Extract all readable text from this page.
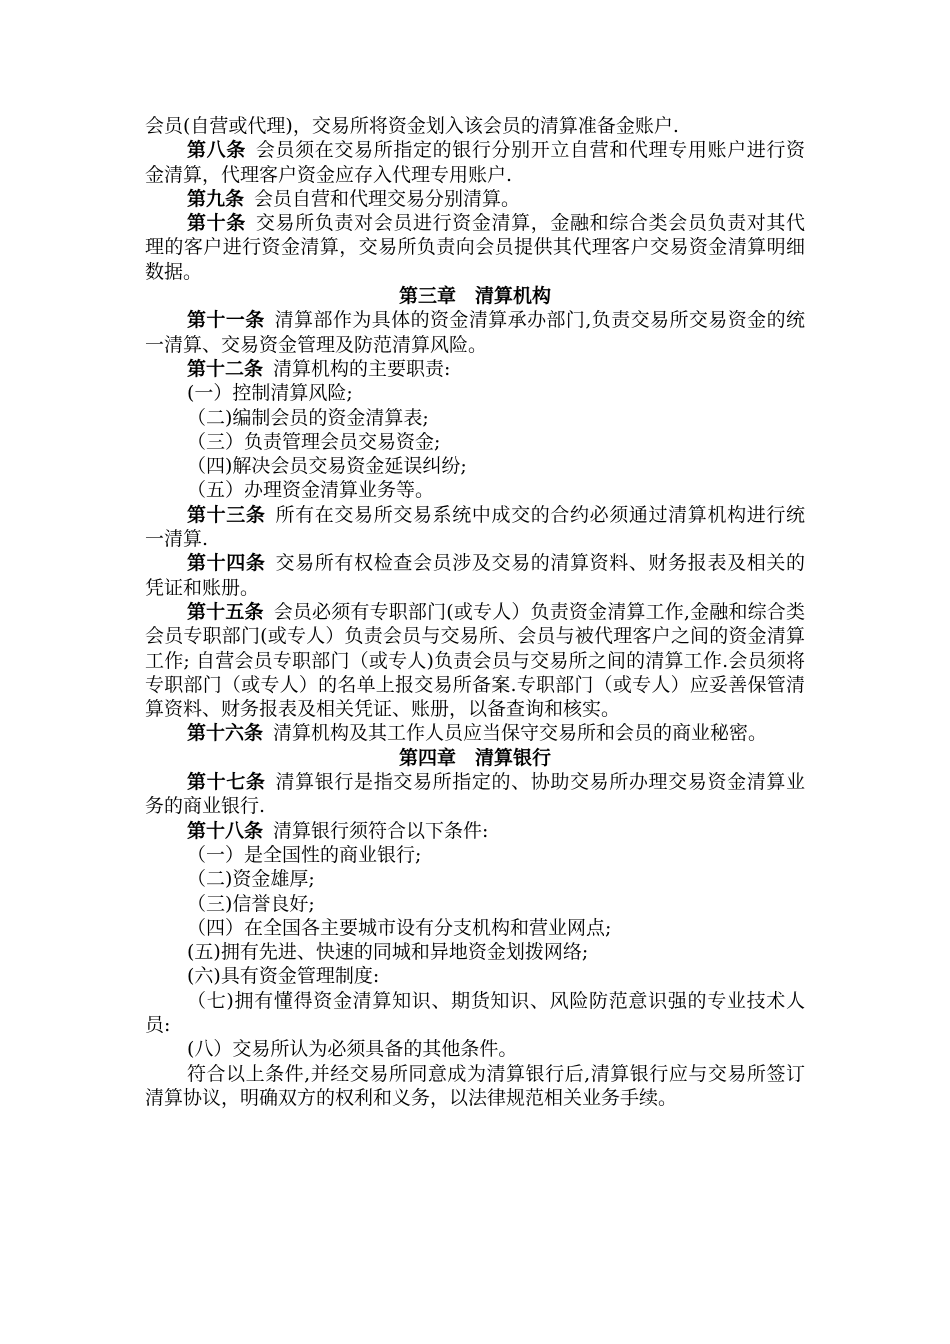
会员(自营或代理)，交易所将资金划入该会员的清算准备金账户.

第八条 会员须在交易所指定的银行分别开立自营和代理专用账户进行资金清算，代理客户资金应存入代理专用账户.

第九条 会员自营和代理交易分别清算。

第十条 交易所负责对会员进行资金清算，金融和综合类会员负责对其代理的客户进行资金清算，交易所负责向会员提供其代理客户交易资金清算明细数据。

第三章　清算机构

第十一条 清算部作为具体的资金清算承办部门,负责交易所交易资金的统一清算、交易资金管理及防范清算风险。

第十二条 清算机构的主要职责:

(一）控制清算风险;

（二)编制会员的资金清算表;

（三）负责管理会员交易资金;

（四)解决会员交易资金延误纠纷;

（五）办理资金清算业务等。

第十三条 所有在交易所交易系统中成交的合约必须通过清算机构进行统一清算.

第十四条 交易所有权检查会员涉及交易的清算资料、财务报表及相关的凭证和账册。

第十五条 会员必须有专职部门(或专人）负责资金清算工作,金融和综合类会员专职部门(或专人）负责会员与交易所、会员与被代理客户之间的资金清算工作; 自营会员专职部门（或专人)负责会员与交易所之间的清算工作.会员须将专职部门（或专人）的名单上报交易所备案.专职部门（或专人）应妥善保管清算资料、财务报表及相关凭证、账册，以备查询和核实。

第十六条 清算机构及其工作人员应当保守交易所和会员的商业秘密。

第四章　清算银行

第十七条 清算银行是指交易所指定的、协助交易所办理交易资金清算业务的商业银行.

第十八条 清算银行须符合以下条件:

（一）是全国性的商业银行;

（二)资金雄厚;

（三)信誉良好;

（四）在全国各主要城市设有分支机构和营业网点;

(五)拥有先进、快速的同城和异地资金划拨网络;

(六)具有资金管理制度:

（七)拥有懂得资金清算知识、期货知识、风险防范意识强的专业技术人员:

(八）交易所认为必须具备的其他条件。

符合以上条件,并经交易所同意成为清算银行后,清算银行应与交易所签订清算协议，明确双方的权利和义务，以法律规范相关业务手续。
